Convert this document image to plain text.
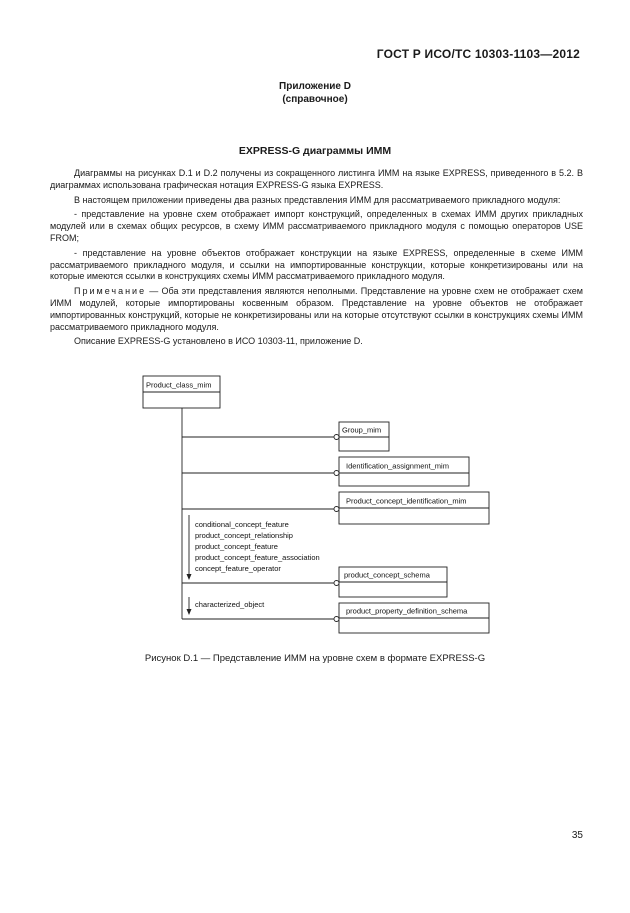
ГОСТ Р ИСО/ТС 10303-1103—2012
Приложение D
(справочное)
EXPRESS-G диаграммы ИММ

Диаграммы на рисунках D.1 и D.2 получены из сокращенного листинга ИММ на языке EXPRESS, приведенного в 5.2. В диаграммах использована графическая нотация EXPRESS-G языка EXPRESS.

В настоящем приложении приведены два разных представления ИММ для рассматриваемого прикладного модуля:

- представление на уровне схем отображает импорт конструкций, определенных в схемах ИММ других прикладных модулей или в схемах общих ресурсов, в схему ИММ рассматриваемого прикладного модуля с помощью операторов USE FROM;

- представление на уровне объектов отображает конструкции на языке EXPRESS, определенные в схеме ИММ рассматриваемого прикладного модуля, и ссылки на импортированные конструкции, которые конкретизированы или на которые имеются ссылки в конструкциях схемы ИММ рассматриваемого прикладного модуля.

Примечание — Оба эти представления являются неполными. Представление на уровне схем не отображает схем ИММ модулей, которые импортированы косвенным образом. Представление на уровне объектов не отображает импортированных конструкций, которые не конкретизированы или на которые отсутствуют ссылки в конструкциях схемы ИММ рассматриваемого прикладного модуля.

Описание EXPRESS-G установлено в ИСО 10303-11, приложение D.

Product_class_mim
Group_mim
Identification_assignment_mim
Product_concept_identification_mim
product_concept_schema
product_property_definition_schema
conditional_concept_feature
product_concept_relationship
product_concept_feature
product_concept_feature_association
concept_feature_operator
characterized_object
Рисунок D.1 — Представление ИММ на уровне схем в формате EXPRESS-G
35
